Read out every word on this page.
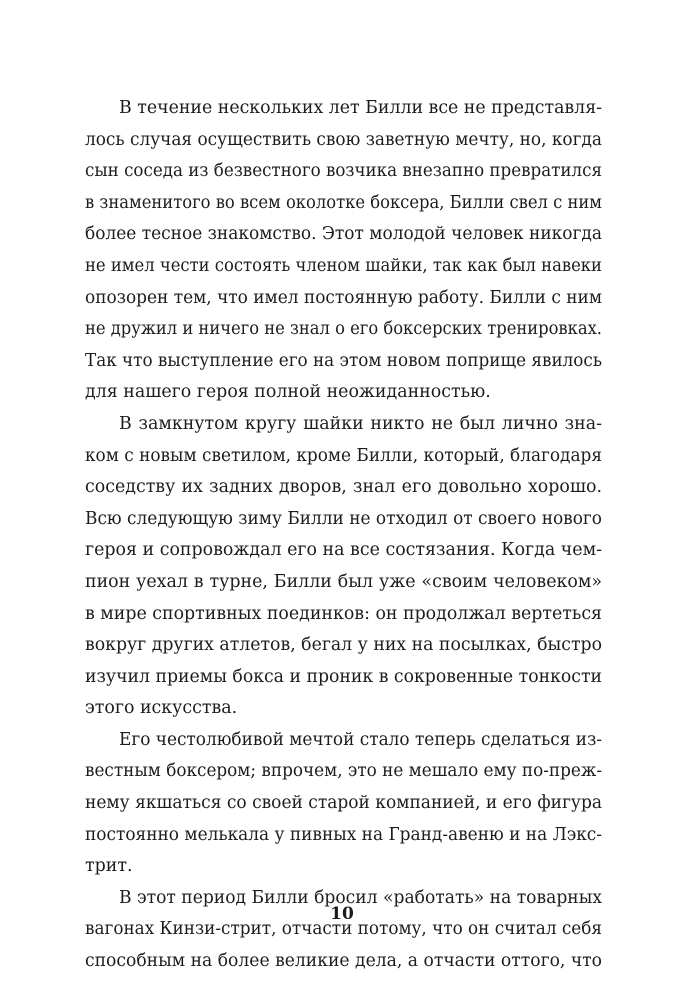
В течение нескольких лет Билли все не представля-
лось случая осуществить свою заветную мечту, но, когда
сын соседа из безвестного возчика внезапно превратился
в знаменитого во всем околотке боксера, Билли свел с ним
более тесное знакомство. Этот молодой человек никогда
не имел чести состоять членом шайки, так как был навеки
опозорен тем, что имел постоянную работу. Билли с ним
не дружил и ничего не знал о его боксерских тренировках.
Так что выступление его на этом новом поприще явилось
для нашего героя полной неожиданностью.
В замкнутом кругу шайки никто не был лично зна-
ком с новым светилом, кроме Билли, который, благодаря
соседству их задних дворов, знал его довольно хорошо.
Всю следующую зиму Билли не отходил от своего нового
героя и сопровождал его на все состязания. Когда чем-
пион уехал в турне, Билли был уже «своим человеком»
в мире спортивных поединков: он продолжал вертеться
вокруг других атлетов, бегал у них на посылках, быстро
изучил приемы бокса и проник в сокровенные тонкости
этого искусства.
Его честолюбивой мечтой стало теперь сделаться из-
вестным боксером; впрочем, это не мешало ему по-преж-
нему якшаться со своей старой компанией, и его фигура
постоянно мелькала у пивных на Гранд-авеню и на Лэкс-
трит.
В этот период Билли бросил «работать» на товарных
вагонах Кинзи-стрит, отчасти потому, что он считал себя
способным на более великие дела, а отчасти оттого, что
10
